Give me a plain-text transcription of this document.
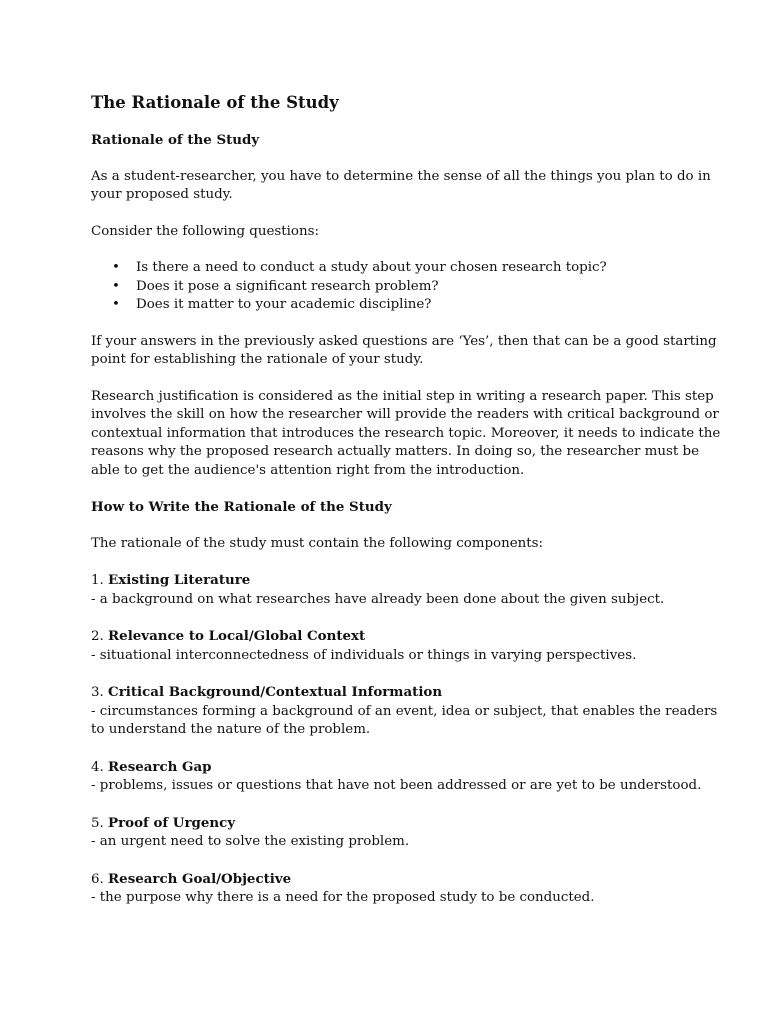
The Rationale of the Study
Rationale of the Study

As a student-researcher, you have to determine the sense of all the things you plan to do in your proposed study.

Consider the following questions:

• Is there a need to conduct a study about your chosen research topic?
• Does it pose a significant research problem?
• Does it matter to your academic discipline?

If your answers in the previously asked questions are ‘Yes’, then that can be a good starting point for establishing the rationale of your study.

Research justification is considered as the initial step in writing a research paper. This step involves the skill on how the researcher will provide the readers with critical background or contextual information that introduces the research topic. Moreover, it needs to indicate the reasons why the proposed research actually matters. In doing so, the researcher must be able to get the audience's attention right from the introduction.

How to Write the Rationale of the Study

The rationale of the study must contain the following components:

1. Existing Literature
- a background on what researches have already been done about the given subject.
2. Relevance to Local/Global Context
- situational interconnectedness of individuals or things in varying perspectives.
3. Critical Background/Contextual Information
- circumstances forming a background of an event, idea or subject, that enables the readers to understand the nature of the problem.
4. Research Gap
- problems, issues or questions that have not been addressed or are yet to be understood.
5. Proof of Urgency
- an urgent need to solve the existing problem.
6. Research Goal/Objective
- the purpose why there is a need for the proposed study to be conducted.
